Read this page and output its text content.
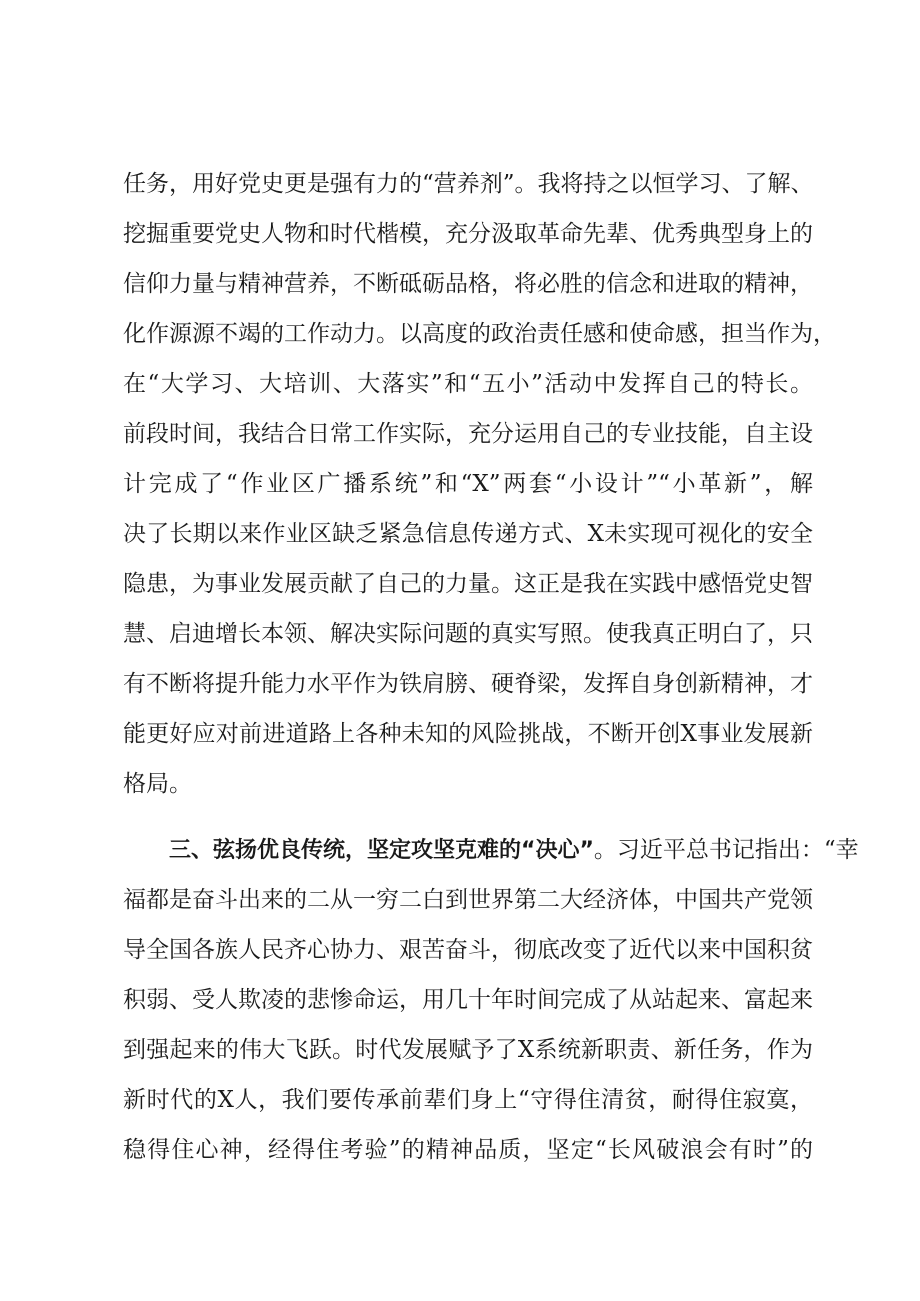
任务，用好党史更是强有力的“营养剂”。我将持之以恒学习、了解、
挖掘重要党史人物和时代楷模，充分汲取革命先辈、优秀典型身上的
信仰力量与精神营养，不断砥砺品格，将必胜的信念和进取的精神，
化作源源不竭的工作动力。以高度的政治责任感和使命感，担当作为，
在“大学习、大培训、大落实”和“五小”活动中发挥自己的特长。
前段时间，我结合日常工作实际，充分运用自己的专业技能，自主设
计完成了“作业区广播系统”和“X”两套“小设计”“小革新”，解
决了长期以来作业区缺乏紧急信息传递方式、X未实现可视化的安全
隐患，为事业发展贡献了自己的力量。这正是我在实践中感悟党史智
慧、启迪增长本领、解决实际问题的真实写照。使我真正明白了，只
有不断将提升能力水平作为铁肩膀、硬脊梁，发挥自身创新精神，才
能更好应对前进道路上各种未知的风险挑战，不断开创X事业发展新
格局。
三、弦扬优良传统，坚定攻坚克难的“决心” 。习近平总书记指出：“幸
福都是奋斗出来的二从一穷二白到世界第二大经济体，中国共产党领
导全国各族人民齐心协力、艰苦奋斗，彻底改变了近代以来中国积贫
积弱、受人欺凌的悲惨命运，用几十年时间完成了从站起来、富起来
到强起来的伟大飞跃。时代发展赋予了X系统新职责、新任务，作为
新时代的X人，我们要传承前辈们身上“守得住清贫，耐得住寂寞，
稳得住心神，经得住考验”的精神品质，坚定“长风破浪会有时”的
